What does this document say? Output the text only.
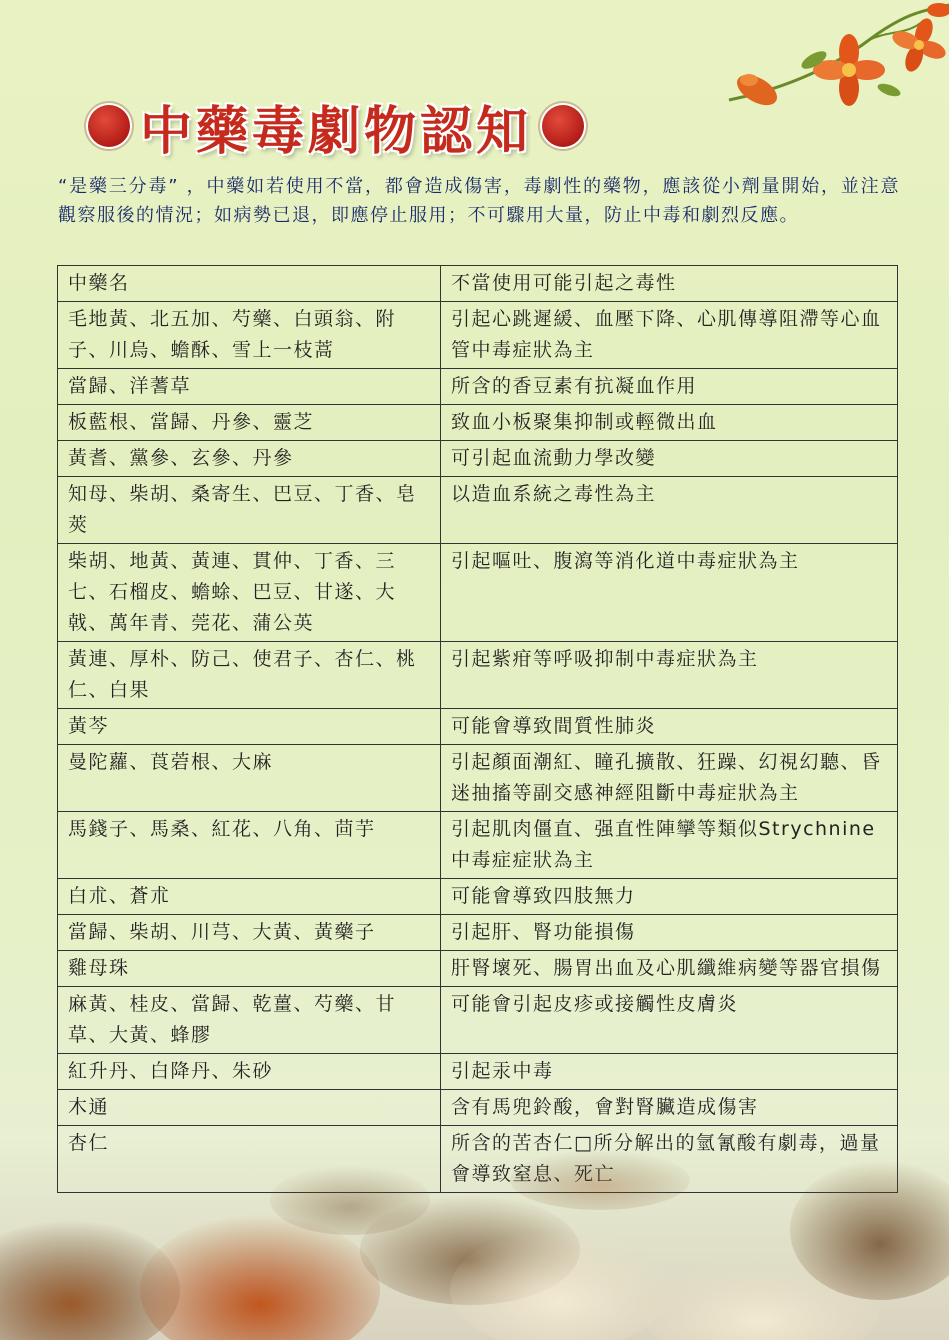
中藥毒劇物認知
“是藥三分毒” ，中藥如若使用不當，都會造成傷害，毒劇性的藥物，應該從小劑量開始，並注意觀察服後的情況；如病勢已退，即應停止服用；不可驟用大量，防止中毒和劇烈反應。
中藥名	不當使用可能引起之毒性
毛地黃、北五加、芍藥、白頭翁、附子、川烏、蟾酥、雪上一枝蒿	引起心跳遲緩、血壓下降、心肌傳導阻滯等心血管中毒症狀為主
當歸、洋蓍草	所含的香豆素有抗凝血作用
板藍根、當歸、丹參、靈芝	致血小板聚集抑制或輕微出血
黃耆、黨參、玄參、丹參	可引起血流動力學改變
知母、柴胡、桑寄生、巴豆、丁香、皂莢	以造血系統之毒性為主
柴胡、地黃、黃連、貫仲、丁香、三七、石榴皮、蟾蜍、巴豆、甘遂、大戟、萬年青、莞花、蒲公英	引起嘔吐、腹瀉等消化道中毒症狀為主
黃連、厚朴、防己、使君子、杏仁、桃仁、白果	引起紫疳等呼吸抑制中毒症狀為主
黃芩	可能會導致間質性肺炎
曼陀蘿、莨菪根、大麻	引起顏面潮紅、瞳孔擴散、狂躁、幻視幻聽、昏迷抽搐等副交感神經阻斷中毒症狀為主
馬錢子、馬桑、紅花、八角、茴芋	引起肌肉僵直、强直性陣攣等類似Strychnine中毒症症狀為主
白朮、蒼朮	可能會導致四肢無力
當歸、柴胡、川芎、大黃、黃藥子	引起肝、腎功能損傷
雞母珠	肝腎壞死、腸胃出血及心肌纖維病變等器官損傷
麻黃、桂皮、當歸、乾薑、芍藥、甘草、大黃、蜂膠	可能會引起皮疹或接觸性皮膚炎
紅升丹、白降丹、朱砂	引起汞中毒
木通	含有馬兜鈴酸，會對腎臟造成傷害
杏仁	所含的苦杏仁□所分解出的氫氰酸有劇毒，過量會導致窒息、死亡
